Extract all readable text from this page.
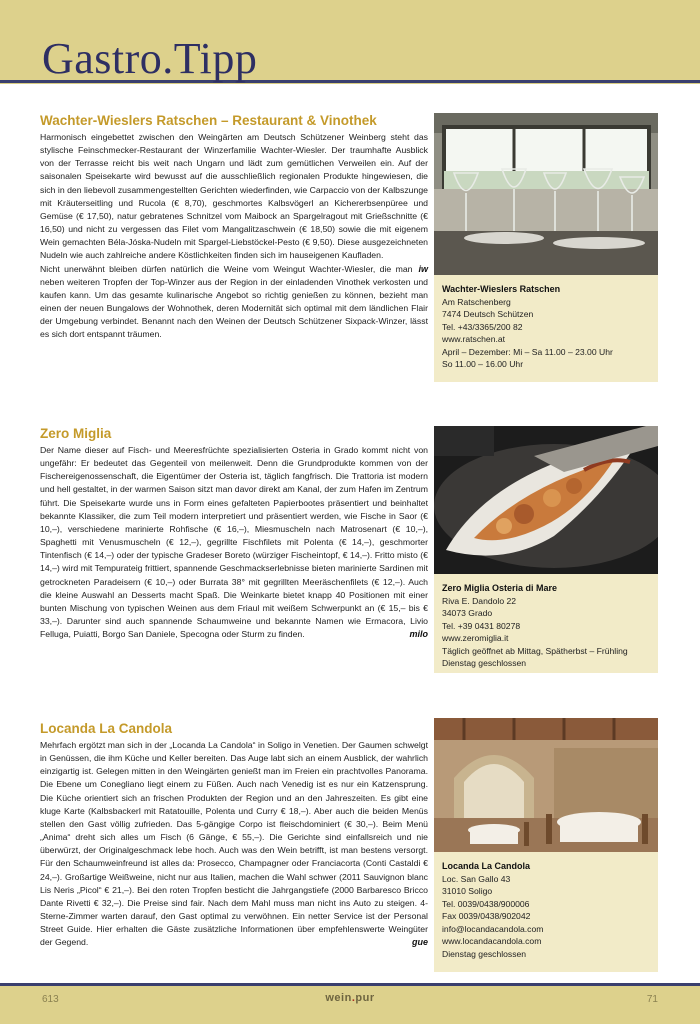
Gastro.Tipp
Wachter-Wieslers Ratschen – Restaurant & Vinothek

Harmonisch eingebettet zwischen den Weingärten am Deutsch Schützener Weinberg steht das stylische Feinschmecker-Restaurant der Winzerfamilie Wachter-Wiesler. Der traumhafte Ausblick von der Terrasse reicht bis weit nach Ungarn und lädt zum gemütlichen Verweilen ein. Auf der saisonalen Speisekarte wird bewusst auf die ausschließlich regionalen Produkte hingewiesen, die sich in den liebevoll zusammengestellten Gerichten wiederfinden, wie Carpaccio von der Kalbszunge mit Kräuterseitling und Rucola (€ 8,70), geschmortes Kalbsvögerl an Kichererbsenpüree und Gemüse (€ 17,50), natur gebratenes Schnitzel vom Maibock an Spargelragout mit Grießschnitte (€ 16,50) und nicht zu vergessen das Filet vom Mangalitzaschwein (€ 18,50) sowie die mit eigenem Wein gemachten Béla-Jóska-Nudeln mit Spargel-Liebstöckel-Pesto (€ 9,50). Diese ausgezeichneten Nudeln wie auch zahlreiche andere Köstlichkeiten finden sich im hauseigenen Kaufladen.

iw
Nicht unerwähnt bleiben dürfen natürlich die Weine vom Weingut Wachter-Wiesler, die man neben weiteren Tropfen der Top-Winzer aus der Region in der einladenden Vinothek verkosten und kaufen kann. Um das gesamte kulinarische Angebot so richtig genießen zu können, bezieht man einen der neuen Bungalows der Wohnothek, deren Modernität sich optimal mit dem ländlichen Flair der Umgebung verbindet. Benannt nach den Weinen der Deutsch Schützener Sixpack-Winzer, lässt es sich dort entspannt träumen.

Wachter-Wieslers Ratschen
Am Ratschenberg
7474 Deutsch Schützen
Tel. +43/3365/200 82
www.ratschen.at
April – Dezember: Mi – Sa 11.00 – 23.00 Uhr
So 11.00 – 16.00 Uhr
Zero Miglia

Der Name dieser auf Fisch- und Meeresfrüchte spezialisierten Osteria in Grado kommt nicht von ungefähr: Er bedeutet das Gegenteil von meilenweit. Denn die Grundprodukte kommen von der Fischereigenossenschaft, die Eigentümer der Osteria ist, täglich fangfrisch. Die Trattoria ist modern und hell gestaltet, in der warmen Saison sitzt man davor direkt am Kanal, der zum Hafen im Zentrum führt. Die Speisekarte wurde uns in Form eines gefalteten Papierbootes präsentiert und beinhaltet bekannte Klassiker, die zum Teil modern interpretiert und präsentiert werden, wie Fische in Saor (€ 10,–), verschiedene marinierte Rohfische (€ 16,–), Miesmuscheln nach Matrosenart (€ 10,–), Spaghetti mit Venusmuscheln (€ 12,–), gegrillte Fischfilets mit Polenta (€ 14,–), geschmorter Tintenfisch (€ 14,–) oder der typische Gradeser Boreto (würziger Fischeintopf, € 14,–). Fritto misto (€ 14,–) wird mit Tempurateig frittiert, spannende Geschmackserlebnisse bieten marinierte Sardinen mit getrockneten Paradeisern (€ 10,–) oder Burrata 38° mit gegrillten Meeräschenfilets (€ 12,–). Auch die kleine Auswahl an Desserts macht Spaß. Die Weinkarte bietet knapp 40 Positionen mit einer bunten Mischung von typischen Weinen aus dem Friaul mit weißem Schwerpunkt an (€ 15,– bis € 33,–). Darunter sind auch spannende Schaumweine und bekannte Namen wie Ermacora, Livio Felluga, Puiatti, Borgo San Daniele, Specogna oder Sturm zu finden.	milo

Zero Miglia Osteria di Mare
Riva E. Dandolo 22
34073 Grado
Tel. +39 0431 80278
www.zeromiglia.it
Täglich geöffnet ab Mittag, Spätherbst – Frühling
Dienstag geschlossen
Locanda La Candola

Mehrfach ergötzt man sich in der „Locanda La Candola“ in Soligo in Venetien. Der Gaumen schwelgt in Genüssen, die ihm Küche und Keller bereiten. Das Auge labt sich an einem Ausblick, der wahrlich einzigartig ist. Gelegen mitten in den Weingärten genießt man im Freien ein prachtvolles Panorama. Die Ebene um Conegliano liegt einem zu Füßen. Auch nach Venedig ist es nur ein Katzensprung. Die Küche orientiert sich an frischen Produkten der Region und an den Jahreszeiten. Es gibt eine kluge Karte (Kalbsbackerl mit Ratatouille, Polenta und Curry € 18,–). Aber auch die beiden Menüs stellen den Gast völlig zufrieden. Das 5-gängige Corpo ist fleischdominiert (€ 30,–). Beim Menü „Anima“ dreht sich alles um Fisch (6 Gänge, € 55,–). Die Gerichte sind einfallsreich und nie überwürzt, der Originalgeschmack lebe hoch. Auch was den Wein betrifft, ist man bestens versorgt. Für den Schaumweinfreund ist alles da: Prosecco, Champagner oder Franciacorta (Conti Castaldi € 24,–). Großartige Weißweine, nicht nur aus Italien, machen die Wahl schwer (2011 Sauvignon blanc Lis Neris „Picol“ € 21,–). Bei den roten Tropfen besticht die Jahrgangstiefe (2000 Barbaresco Bricco Dante Rivetti € 32,–). Die Preise sind fair. Nach dem Mahl muss man nicht ins Auto zu steigen. 4-Sterne-Zimmer warten darauf, den Gast optimal zu verwöhnen. Ein netter Service ist der Personal Street Guide. Hier erhalten die Gäste zusätzliche Informationen über empfehlenswerte Weingüter der Gegend.	gue

Locanda La Candola
Loc. San Gallo 43
31010 Soligo
Tel. 0039/0438/900006
Fax 0039/0438/902042
info@locandacandola.com
www.locandacandola.com
Dienstag geschlossen
613	wein.pur	71
